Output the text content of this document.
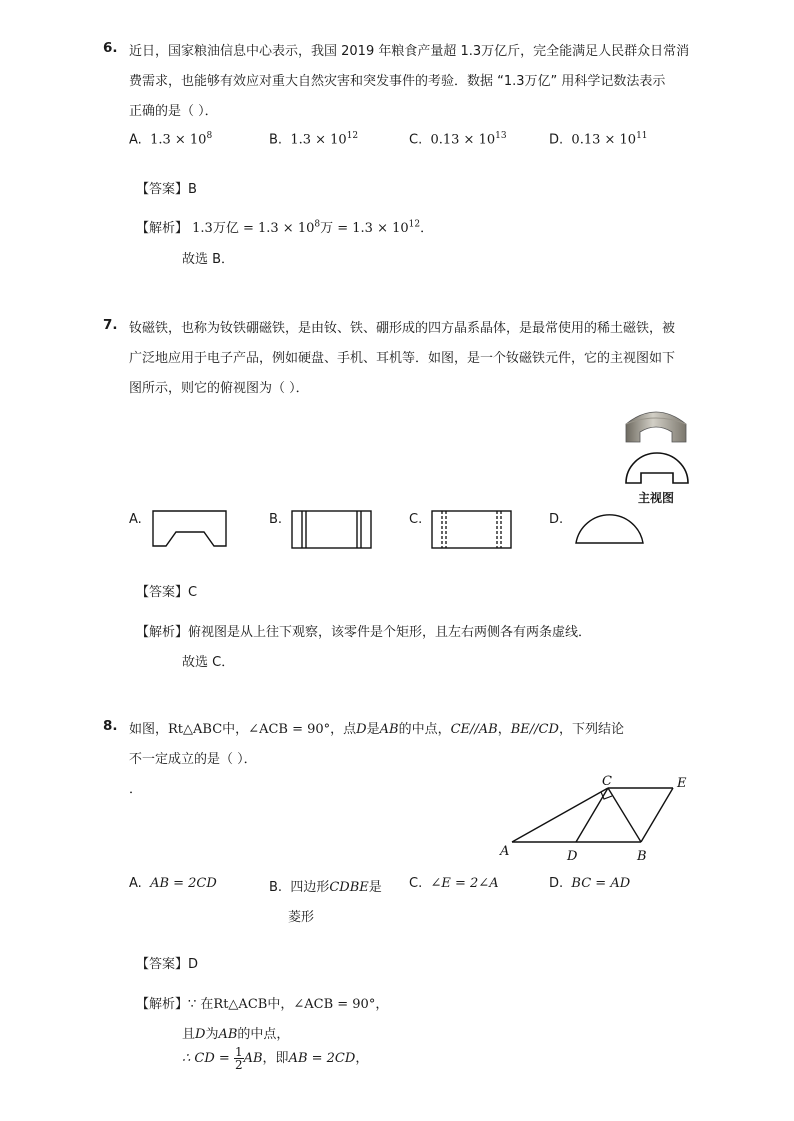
6. 近日，国家粮油信息中心表示，我国 2019 年粮食产量超 1.3万亿斤，完全能满足人民群众日常消
费需求，也能够有效应对重大自然灾害和突发事件的考验．数据 “1.3万亿” 用科学记数法表示
正确的是（ ）．
A. $1.3 \times 10^8$	B. $1.3 \times 10^{12}$	C. $0.13 \times 10^{13}$	D. $0.13 \times 10^{11}$
【答案】B
【解析】 1.3万亿 = $1.3 \times 10^8$万 = $1.3 \times 10^{12}$．
故选 B．
7. 钕磁铁，也称为钕铁硼磁铁，是由钕、铁、硼形成的四方晶系晶体，是最常使用的稀土磁铁，被
广泛地应用于电子产品，例如硬盘、手机、耳机等．如图，是一个钕磁铁元件，它的主视图如下
图所示，则它的俯视图为（ ）．
主视图
A.	B.	C.	D.
【答案】C
【解析】俯视图是从上往下观察，该零件是个矩形，且左右两侧各有两条虚线．
故选 C．
8. 如图，Rt△ABC中，∠ACB = 90°，点D是AB的中点，CE//AB，BE//CD，下列结论
不一定成立的是（ ）．
．
A
C	E
D	B
A. AB = 2CD	B. 四边形CDBE是
菱形
C. ∠E = 2∠A	D. BC = AD
【答案】D
【解析】∵ 在Rt△ACB中，∠ACB = 90°，
且D为AB的中点，
∴ CD = $\frac{1}{2}$ AB，即AB = 2CD，
